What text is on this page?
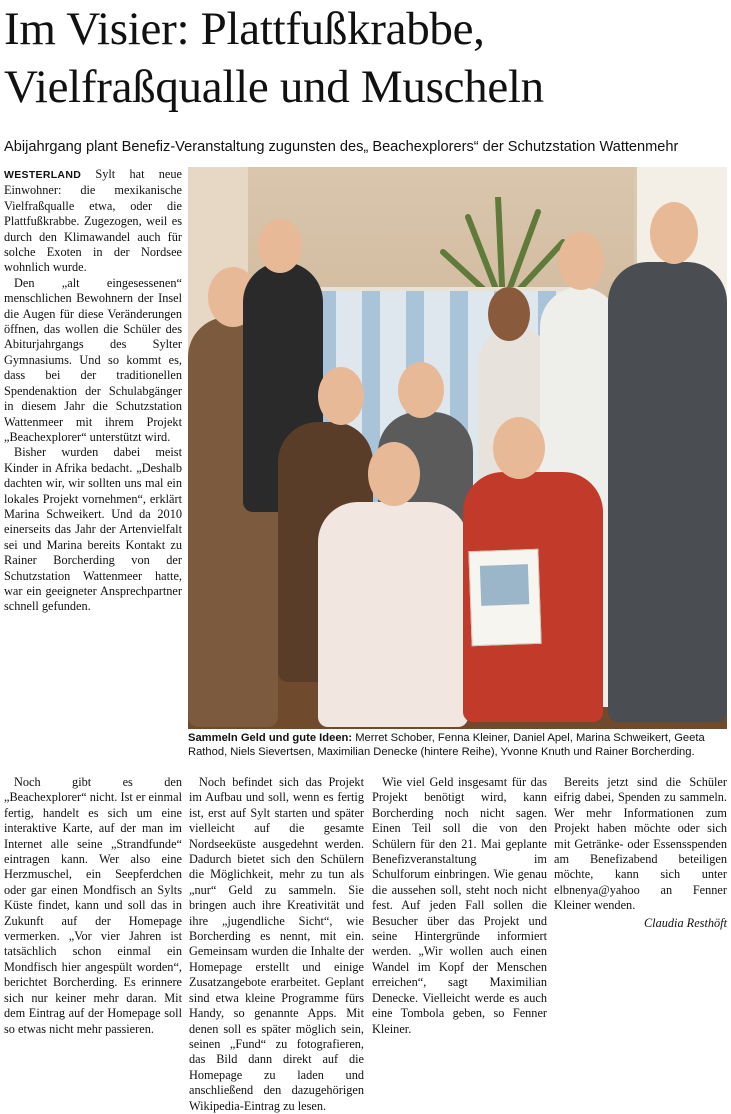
Im Visier: Plattfußkrabbe,
Vielfraßqualle und Muscheln

Abijahrgang plant Benefiz-Veranstaltung zugunsten des„ Beachexplorers“ der Schutzstation Wattenmehr

WESTERLAND Sylt hat neue Einwohner: die mexikanische Vielfraßqualle etwa, oder die Plattfußkrabbe. Zugezogen, weil es durch den Klimawandel auch für solche Exoten in der Nordsee wohnlich wurde.

Den „alt eingesessenen“ menschlichen Bewohnern der Insel die Augen für diese Veränderungen öffnen, das wollen die Schüler des Abiturjahrgangs des Sylter Gymnasiums. Und so kommt es, dass bei der traditionellen Spendenaktion der Schulabgänger in diesem Jahr die Schutzstation Wattenmeer mit ihrem Projekt „Beachexplorer“ unterstützt wird.

Bisher wurden dabei meist Kinder in Afrika bedacht. „Deshalb dachten wir, wir sollten uns mal ein lokales Projekt vornehmen“, erklärt Marina Schweikert. Und da 2010 einerseits das Jahr der Artenvielfalt sei und Marina bereits Kontakt zu Rainer Borcherding von der Schutzstation Wattenmeer hatte, war ein geeigneter Ansprechpartner schnell gefunden.

Sammeln Geld und gute Ideen: Merret Schober, Fenna Kleiner, Daniel Apel, Marina Schweikert, Geeta Rathod, Niels Sievertsen, Maximilian Denecke (hintere Reihe), Yvonne Knuth und Rainer Borcherding.

Noch gibt es den „Beachexplorer“ nicht. Ist er einmal fertig, handelt es sich um eine interaktive Karte, auf der man im Internet alle seine „Strandfunde“ eintragen kann. Wer also eine Herzmuschel, ein Seepferdchen oder gar einen Mondfisch an Sylts Küste findet, kann und soll das in Zukunft auf der Homepage vermerken. „Vor vier Jahren ist tatsächlich schon einmal ein Mondfisch hier angespült worden“, berichtet Borcherding. Es erinnere sich nur keiner mehr daran. Mit dem Eintrag auf der Homepage soll so etwas nicht mehr passieren.

Noch befindet sich das Projekt im Aufbau und soll, wenn es fertig ist, erst auf Sylt starten und später vielleicht auf die gesamte Nordseeküste ausgedehnt werden. Dadurch bietet sich den Schülern die Möglichkeit, mehr zu tun als „nur“ Geld zu sammeln. Sie bringen auch ihre Kreativität und ihre „jugendliche Sicht“, wie Borcherding es nennt, mit ein. Gemeinsam wurden die Inhalte der Homepage erstellt und einige Zusatzangebote erarbeitet. Geplant sind etwa kleine Programme fürs Handy, so genannte Apps. Mit denen soll es später möglich sein, seinen „Fund“ zu fotografieren, das Bild dann direkt auf die Homepage zu laden und anschließend den dazugehörigen Wikipedia-Eintrag zu lesen.

Wie viel Geld insgesamt für das Projekt benötigt wird, kann Borcherding noch nicht sagen. Einen Teil soll die von den Schülern für den 21. Mai geplante Benefizveranstaltung im Schulforum einbringen. Wie genau die aussehen soll, steht noch nicht fest. Auf jeden Fall sollen die Besucher über das Projekt und seine Hintergründe informiert werden. „Wir wollen auch einen Wandel im Kopf der Menschen erreichen“, sagt Maximilian Denecke. Vielleicht werde es auch eine Tombola geben, so Fenner Kleiner.

Bereits jetzt sind die Schüler eifrig dabei, Spenden zu sammeln. Wer mehr Informationen zum Projekt haben möchte oder sich mit Getränke- oder Essensspenden am Benefizabend beteiligen möchte, kann sich unter elbnenya@yahoo an Fenner Kleiner wenden.

Claudia Resthöft
